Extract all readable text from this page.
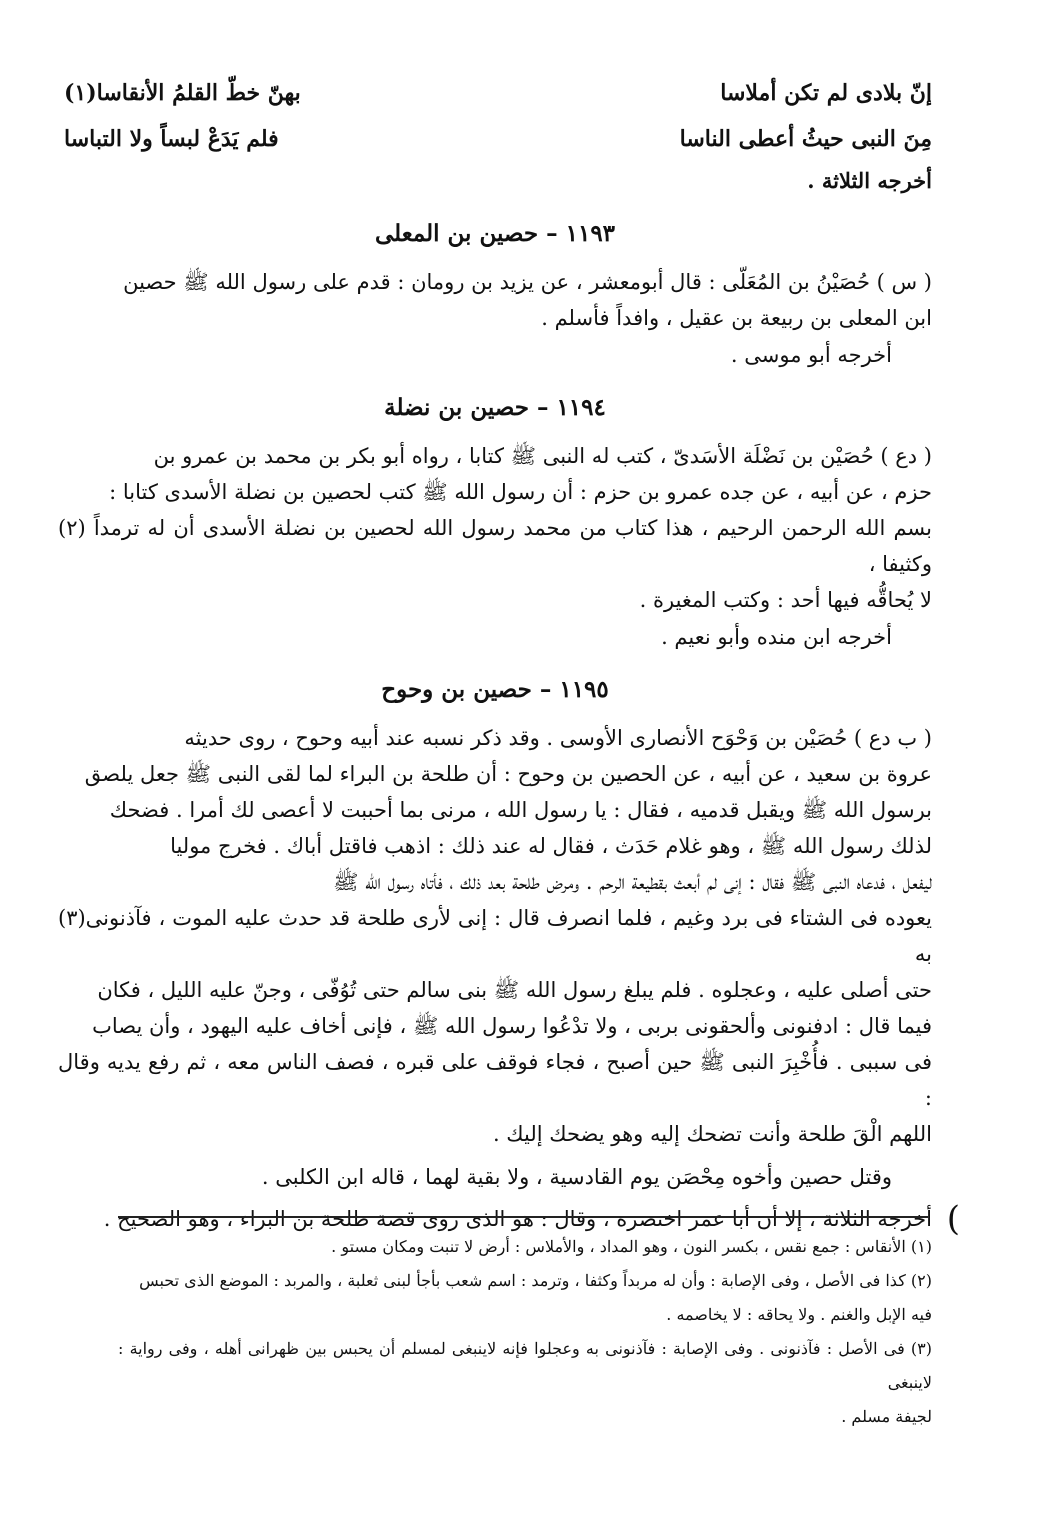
إنّ بلادى لم تكن أملاسا
بهنّ خطّ القلمُ الأنقاسا(١)
مِنَ النبى حيثُ أعطى الناسا
فلم يَدَعْ لبساً ولا التباسا
أخرجه الثلاثة .
١١٩٣ – حصين بن المعلى
( س ) حُصَيْنُ بن المُعَلّى : قال أبومعشر ، عن يزيد بن رومان : قدم على رسول الله ﷺ حصين
ابن المعلى بن ربيعة بن عقيل ، وافداً فأسلم .
أخرجه أبو موسى .
١١٩٤ – حصين بن نضلة
( دع ) حُصَيْن بن نَضْلَة الأسَدىّ ، كتب له النبى ﷺ كتابا ، رواه أبو بكر بن محمد بن عمرو بن
حزم ، عن أبيه ، عن جده عمرو بن حزم : أن رسول الله ﷺ كتب لحصين بن نضلة الأسدى كتابا :
بسم الله الرحمن الرحيم ، هذا كتاب من محمد رسول الله لحصين بن نضلة الأسدى أن له ترمداً (٢) وكثيفا ،
لا يُحاقُّه فيها أحد : وكتب المغيرة .
أخرجه ابن منده وأبو نعيم .
١١٩٥ – حصين بن وحوح
( ب دع ) حُصَيْن بن وَحْوَح الأنصارى الأوسى . وقد ذكر نسبه عند أبيه وحوح ، روى حديثه
عروة بن سعيد ، عن أبيه ، عن الحصين بن وحوح : أن طلحة بن البراء لما لقى النبى ﷺ جعل يلصق
برسول الله ﷺ ويقبل قدميه ، فقال : يا رسول الله ، مرنى بما أحببت لا أعصى لك أمرا . فضحك
لذلك رسول الله ﷺ ، وهو غلام حَدَث ، فقال له عند ذلك : اذهب فاقتل أباك . فخرج موليا
ليفعل ، فدعاه النبى ﷺ فقال : إنى لم أبعث بقطيعة الرحم . ومرض طلحة بعد ذلك ، فأتاه رسول الله ﷺ
يعوده فى الشتاء فى برد وغيم ، فلما انصرف قال : إنى لأرى طلحة قد حدث عليه الموت ، فآذنونى(٣) به
حتى أصلى عليه ، وعجلوه . فلم يبلغ رسول الله ﷺ بنى سالم حتى تُوُفّى ، وجنّ عليه الليل ، فكان
فيما قال : ادفنونى وألحقونى بربى ، ولا تدْعُوا رسول الله ﷺ ، فإنى أخاف عليه اليهود ، وأن يصاب
فى سببى . فأُخْبِرَ النبى ﷺ حين أصبح ، فجاء فوقف على قبره ، فصف الناس معه ، ثم رفع يديه وقال :
اللهم الْقَ طلحة وأنت تضحك إليه وهو يضحك إليك .
وقتل حصين وأخوه مِحْصَن يوم القادسية ، ولا بقية لهما ، قاله ابن الكلبى .
)
أخرجه الثلاثة ، إلا أن أبا عمر اختصره ، وقال : هو الذى روى قصة طلحة بن البراء ، وهو الصحيح .
(١) الأنقاس : جمع نقس ، بكسر النون ، وهو المداد ، والأملاس : أرض لا تنبت ومكان مستو .
(٢) كذا فى الأصل ، وفى الإصابة : وأن له مربداً وكثفا ، وترمد : اسم شعب بأجأ لبنى ثعلبة ، والمربد : الموضع الذى تحبس
فيه الإبل والغنم . ولا يحاقه : لا يخاصمه .
(٣) فى الأصل : فآذنونى . وفى الإصابة : فآذنونى به وعجلوا فإنه لاينبغى لمسلم أن يحبس بين ظهرانى أهله ، وفى رواية : لاينبغى
لجيفة مسلم .
